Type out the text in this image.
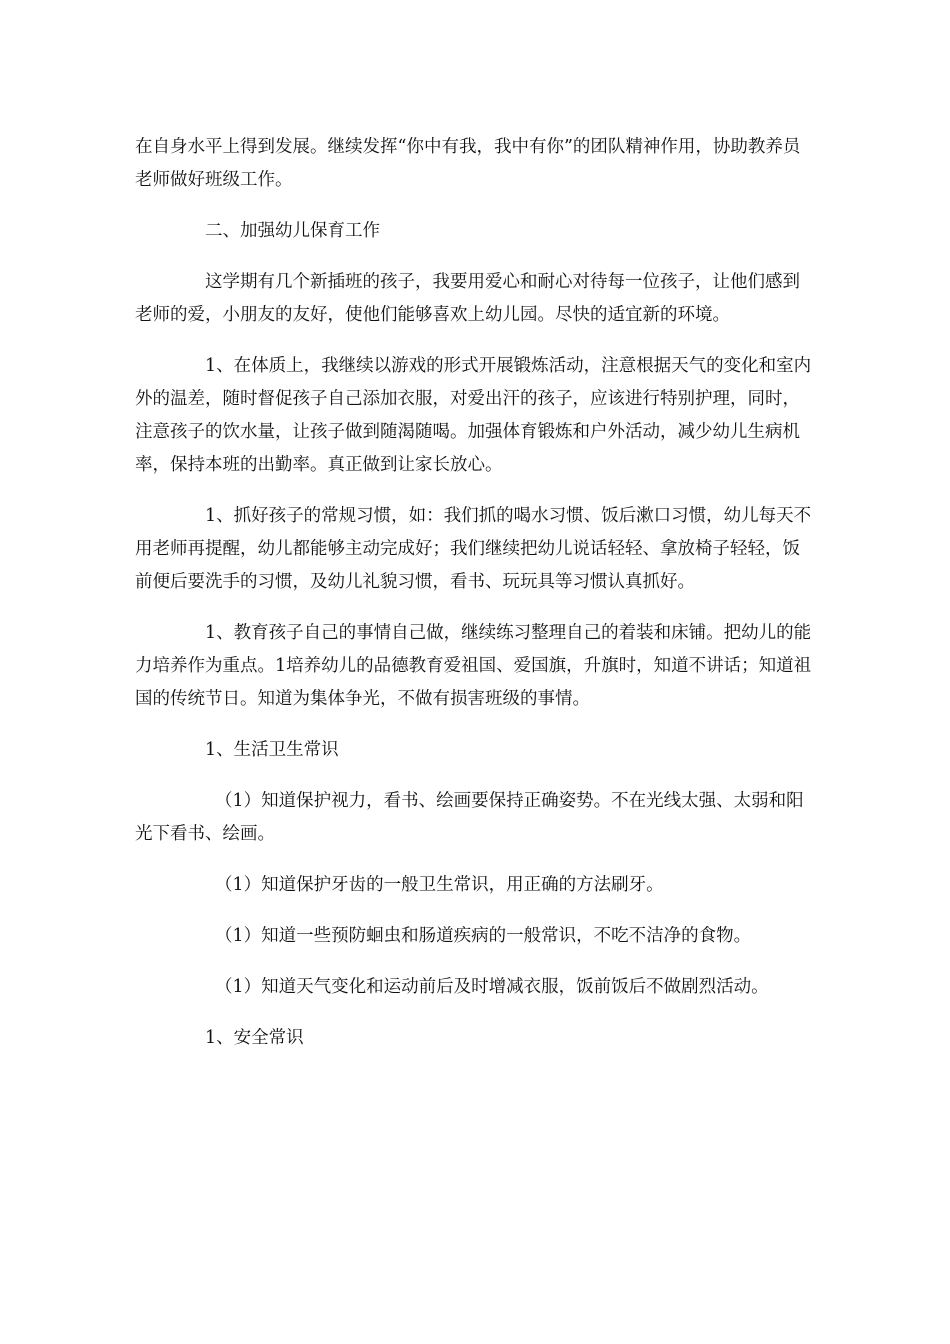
在自身水平上得到发展。继续发挥“你中有我，我中有你”的团队精神作用，协助教养员老师做好班级工作。

二、加强幼儿保育工作

这学期有几个新插班的孩子，我要用爱心和耐心对待每一位孩子，让他们感到老师的爱，小朋友的友好，使他们能够喜欢上幼儿园。尽快的适宜新的环境。

1、在体质上，我继续以游戏的形式开展锻炼活动，注意根据天气的变化和室内外的温差，随时督促孩子自己添加衣服，对爱出汗的孩子，应该进行特别护理，同时，注意孩子的饮水量，让孩子做到随渴随喝。加强体育锻炼和户外活动，减少幼儿生病机率，保持本班的出勤率。真正做到让家长放心。

1、抓好孩子的常规习惯，如：我们抓的喝水习惯、饭后漱口习惯，幼儿每天不用老师再提醒，幼儿都能够主动完成好；我们继续把幼儿说话轻轻、拿放椅子轻轻，饭前便后要洗手的习惯，及幼儿礼貌习惯，看书、玩玩具等习惯认真抓好。

1、教育孩子自己的事情自己做，继续练习整理自己的着装和床铺。把幼儿的能力培养作为重点。1培养幼儿的品德教育爱祖国、爱国旗，升旗时，知道不讲话；知道祖国的传统节日。知道为集体争光，不做有损害班级的事情。

1、生活卫生常识

（1）知道保护视力，看书、绘画要保持正确姿势。不在光线太强、太弱和阳光下看书、绘画。

（1）知道保护牙齿的一般卫生常识，用正确的方法刷牙。

（1）知道一些预防蛔虫和肠道疾病的一般常识，不吃不洁净的食物。

（1）知道天气变化和运动前后及时增减衣服，饭前饭后不做剧烈活动。

1、安全常识
